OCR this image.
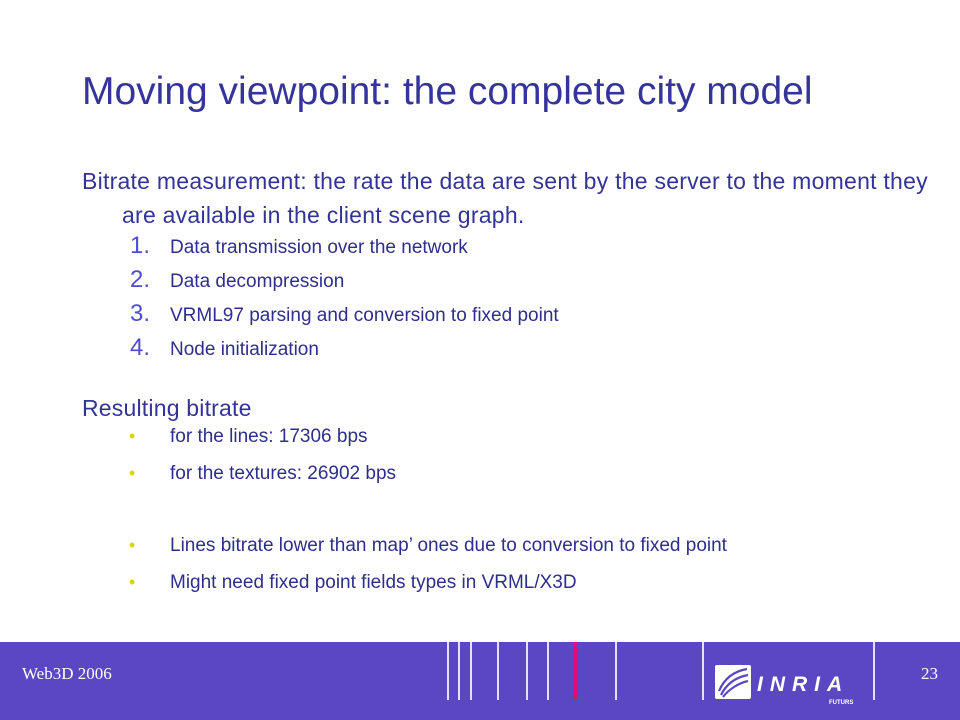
Moving viewpoint: the complete city model

Bitrate measurement: the rate the data are sent by the server to the moment they are available in the client scene graph.

1.	Data transmission over the network
2.	Data decompression
3.	VRML97 parsing and conversion to fixed point
4.	Node initialization

Resulting bitrate

•	for the lines: 17306 bps
•	for the textures: 26902 bps
•	Lines bitrate lower than map’ ones due to conversion to fixed point
•	Might need fixed point fields types in VRML/X3D
Web3D 2006	23
INRIA
FUTURS
